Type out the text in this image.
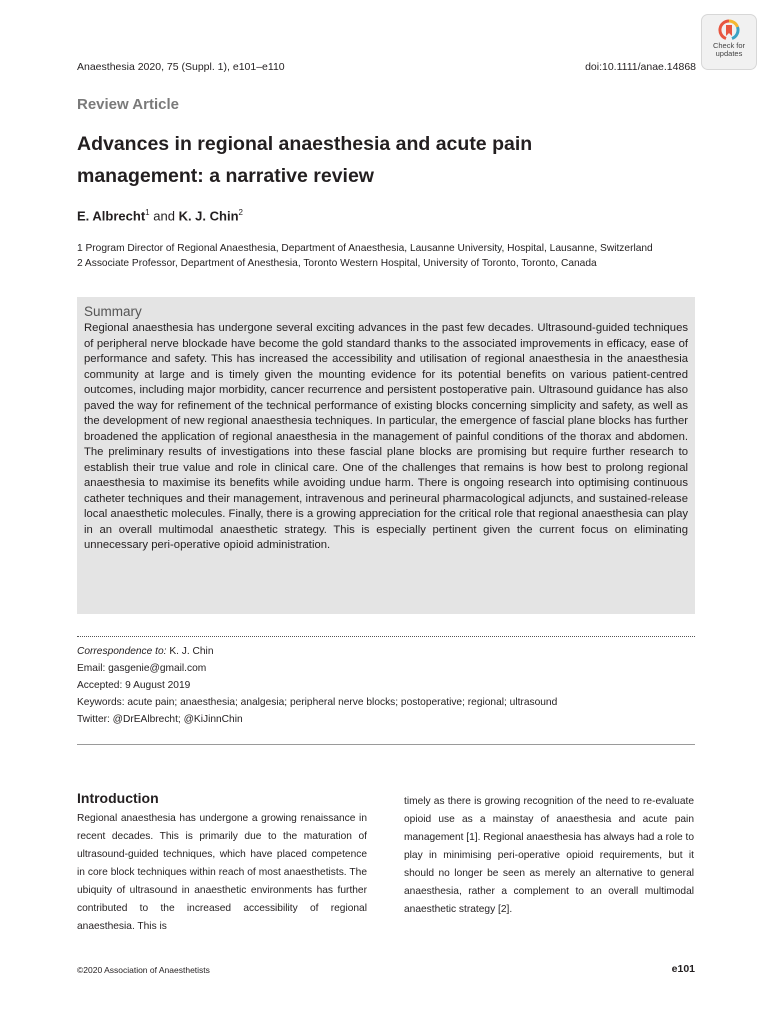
Anaesthesia 2020, 75 (Suppl. 1), e101–e110	doi:10.1111/anae.14868
Check for updates
Review Article
Advances in regional anaesthesia and acute pain management: a narrative review
E. Albrecht$^1$ and K. J. Chin$^2$
1 Program Director of Regional Anaesthesia, Department of Anaesthesia, Lausanne University, Hospital, Lausanne, Switzerland
2 Associate Professor, Department of Anesthesia, Toronto Western Hospital, University of Toronto, Toronto, Canada
Summary

Regional anaesthesia has undergone several exciting advances in the past few decades. Ultrasound-guided techniques of peripheral nerve blockade have become the gold standard thanks to the associated improvements in efficacy, ease of performance and safety. This has increased the accessibility and utilisation of regional anaesthesia in the anaesthesia community at large and is timely given the mounting evidence for its potential benefits on various patient-centred outcomes, including major morbidity, cancer recurrence and persistent postoperative pain. Ultrasound guidance has also paved the way for refinement of the technical performance of existing blocks concerning simplicity and safety, as well as the development of new regional anaesthesia techniques. In particular, the emergence of fascial plane blocks has further broadened the application of regional anaesthesia in the management of painful conditions of the thorax and abdomen. The preliminary results of investigations into these fascial plane blocks are promising but require further research to establish their true value and role in clinical care. One of the challenges that remains is how best to prolong regional anaesthesia to maximise its benefits while avoiding undue harm. There is ongoing research into optimising continuous catheter techniques and their management, intravenous and perineural pharmacological adjuncts, and sustained-release local anaesthetic molecules. Finally, there is a growing appreciation for the critical role that regional anaesthesia can play in an overall multimodal anaesthetic strategy. This is especially pertinent given the current focus on eliminating unnecessary peri-operative opioid administration.

Correspondence to: K. J. Chin
Email: gasgenie@gmail.com
Accepted: 9 August 2019
Keywords: acute pain; anaesthesia; analgesia; peripheral nerve blocks; postoperative; regional; ultrasound
Twitter: @DrEAlbrecht; @KiJinnChin
Introduction

Regional anaesthesia has undergone a growing renaissance in recent decades. This is primarily due to the maturation of ultrasound-guided techniques, which have placed competence in core block techniques within reach of most anaesthetists. The ubiquity of ultrasound in anaesthetic environments has further contributed to the increased accessibility of regional anaesthesia. This is

timely as there is growing recognition of the need to re-evaluate opioid use as a mainstay of anaesthesia and acute pain management [1]. Regional anaesthesia has always had a role to play in minimising peri-operative opioid requirements, but it should no longer be seen as merely an alternative to general anaesthesia, rather a complement to an overall multimodal anaesthetic strategy [2].

©2020 Association of Anaesthetists	e101
